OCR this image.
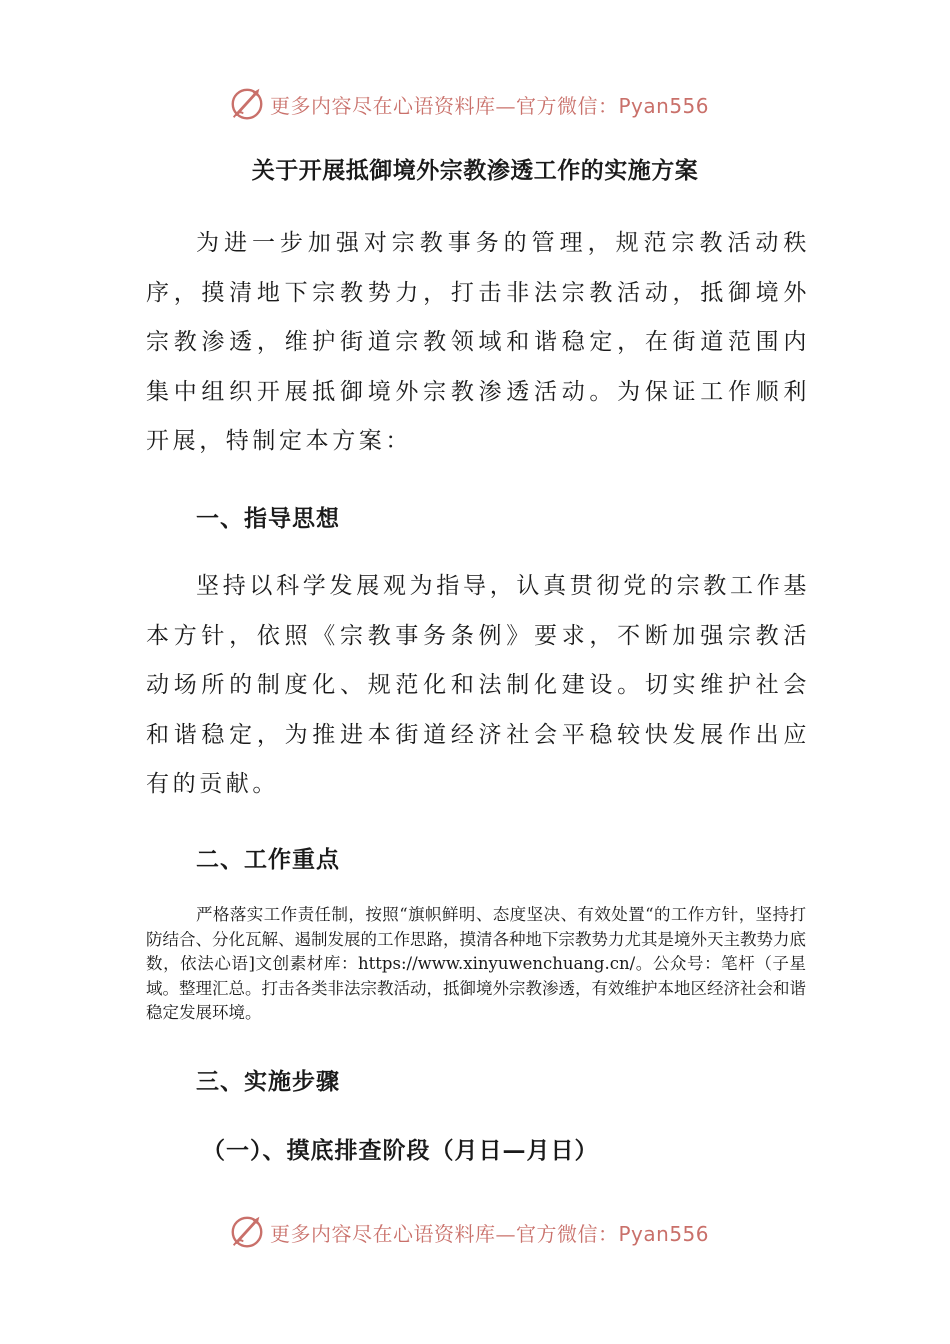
更多内容尽在心语资料库—官方微信：Pyan556
关于开展抵御境外宗教渗透工作的实施方案

为进一步加强对宗教事务的管理，规范宗教活动秩序，摸清地下宗教势力，打击非法宗教活动，抵御境外宗教渗透，维护街道宗教领域和谐稳定，在街道范围内集中组织开展抵御境外宗教渗透活动。为保证工作顺利开展，特制定本方案：

一、指导思想

坚持以科学发展观为指导，认真贯彻党的宗教工作基本方针，依照《宗教事务条例》要求，不断加强宗教活动场所的制度化、规范化和法制化建设。切实维护社会和谐稳定，为推进本街道经济社会平稳较快发展作出应有的贡献。

二、工作重点

严格落实工作责任制，按照“旗帜鲜明、态度坚决、有效处置“的工作方针，坚持打防结合、分化瓦解、遏制发展的工作思路，摸清各种地下宗教势力尤其是境外天主教势力底数，依法心语]文创素材库：https://www.xinyuwenchuang.cn/。公众号：笔杆（子星域。整理汇总。打击各类非法宗教活动，抵御境外宗教渗透，有效维护本地区经济社会和谐稳定发展环境。

三、实施步骤
（一）、摸底排查阶段（月日—月日）
更多内容尽在心语资料库—官方微信：Pyan556
